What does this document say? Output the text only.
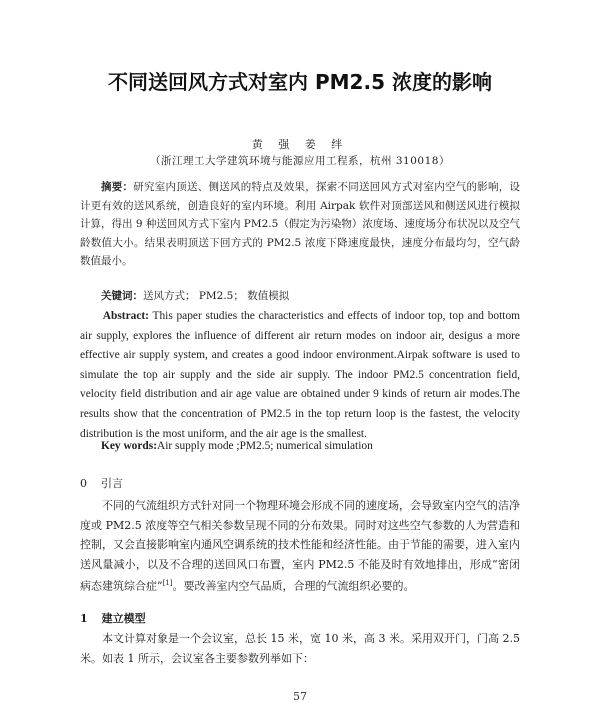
不同送回风方式对室内 PM2.5 浓度的影响
黄 强 姜 绊
（浙江理工大学建筑环境与能源应用工程系，杭州 310018）
摘要：研究室内顶送、侧送风的特点及效果，探索不同送回风方式对室内空气的影响，设计更有效的送风系统，创造良好的室内环境。利用 Airpak 软件对顶部送风和侧送风进行模拟计算，得出 9 种送回风方式下室内 PM2.5（假定为污染物）浓度场、速度场分布状况以及空气龄数值大小。结果表明顶送下回方式的 PM2.5 浓度下降速度最快，速度分布最均匀，空气龄数值最小。
关键词：送风方式； PM2.5； 数值模拟
Abstract: This paper studies the characteristics and effects of indoor top, top and bottom air supply, explores the influence of different air return modes on indoor air, desigus a more effective air supply system, and creates a good indoor environment.Airpak software is used to simulate the top air supply and the side air supply. The indoor PM2.5 concentration field, velocity field distribution and air age value are obtained under 9 kinds of return air modes.The results show that the concentration of PM2.5 in the top return loop is the fastest, the velocity distribution is the most uniform, and the air age is the smallest.
Key words:Air supply mode ;PM2.5; numerical simulation
0 引言
不同的气流组织方式针对同一个物理环境会形成不同的速度场，会导致室内空气的洁净度或 PM2.5 浓度等空气相关参数呈现不同的分布效果。同时对这些空气参数的人为营造和控制，又会直接影响室内通风空调系统的技术性能和经济性能。由于节能的需要，进入室内送风量减小，以及不合理的送回风口布置，室内 PM2.5 不能及时有效地排出，形成“密闭病态建筑综合症”[1]。要改善室内空气品质，合理的气流组织必要的。
1 建立模型
本文计算对象是一个会议室，总长 15 米，宽 10 米，高 3 米。采用双开门，门高 2.5 米。如表 1 所示，会议室各主要参数列举如下：
57
